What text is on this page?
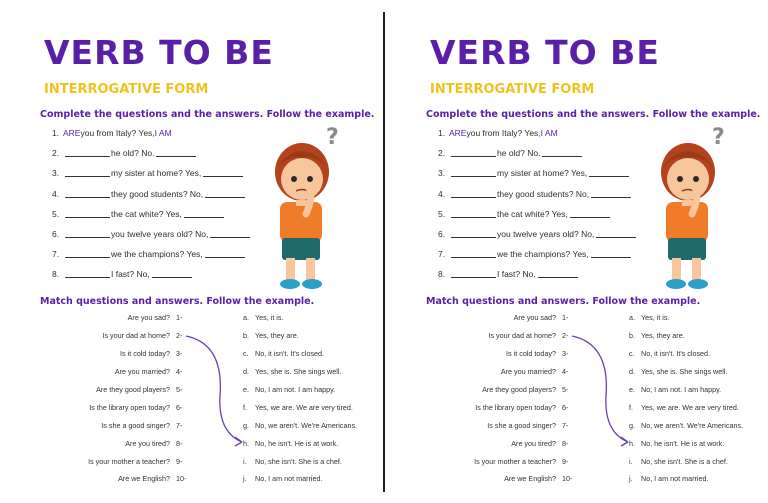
VERB TO BE
INTERROGATIVE FORM
Complete the questions and the answers. Follow the example.
1. ARE you from Italy? Yes, I AM
2.	he old? No.
3.	my sister at home? Yes,
4.	they good students? No,
5.	the cat white? Yes,
6.	you twelve years old? No,
7.	we the champions? Yes,
8.	I fast? No,
?
Match questions and answers. Follow the example.
Are you sad? 1-
Is your dad at home? 2-
Is it cold today? 3-
Are you married? 4-
Are they good players? 5-
Is the library open today? 6-
Is she a good singer? 7-
Are you tired? 8-
Is your mother a teacher? 9-
Are we English? 10-
a. Yes, it is.
b. Yes, they are.
c. No, it isn't. It's closed.
d. Yes, she is. She sings well.
e. No, I am not. I am happy.
f.	Yes, we are. We are very tired.
g. No, we aren't. We're Americans.
h. No, he isn't. He is at work.
i.	No, she isn't. She is a chef.
j.	No, I am not married.
VERB TO BE
INTERROGATIVE FORM
Complete the questions and the answers. Follow the example.
1. ARE you from Italy? Yes, I AM
2.	he old? No.
3.	my sister at home? Yes,
4.	they good students? No,
5.	the cat white? Yes,
6.	you twelve years old? No,
7.	we the champions? Yes,
8.	I fast? No,
?
Match questions and answers. Follow the example.
Are you sad? 1-
Is your dad at home? 2-
Is it cold today? 3-
Are you married? 4-
Are they good players? 5-
Is the library open today? 6-
Is she a good singer? 7-
Are you tired? 8-
Is your mother a teacher? 9-
Are we English? 10-
a. Yes, it is.
b. Yes, they are.
c. No, it isn't. It's closed.
d. Yes, she is. She sings well.
e. No, I am not. I am happy.
f.	Yes, we are. We are very tired.
g. No, we aren't. We're Americans.
h. No, he isn't. He is at work.
i.	No, she isn't. She is a chef.
j.	No, I am not married.
